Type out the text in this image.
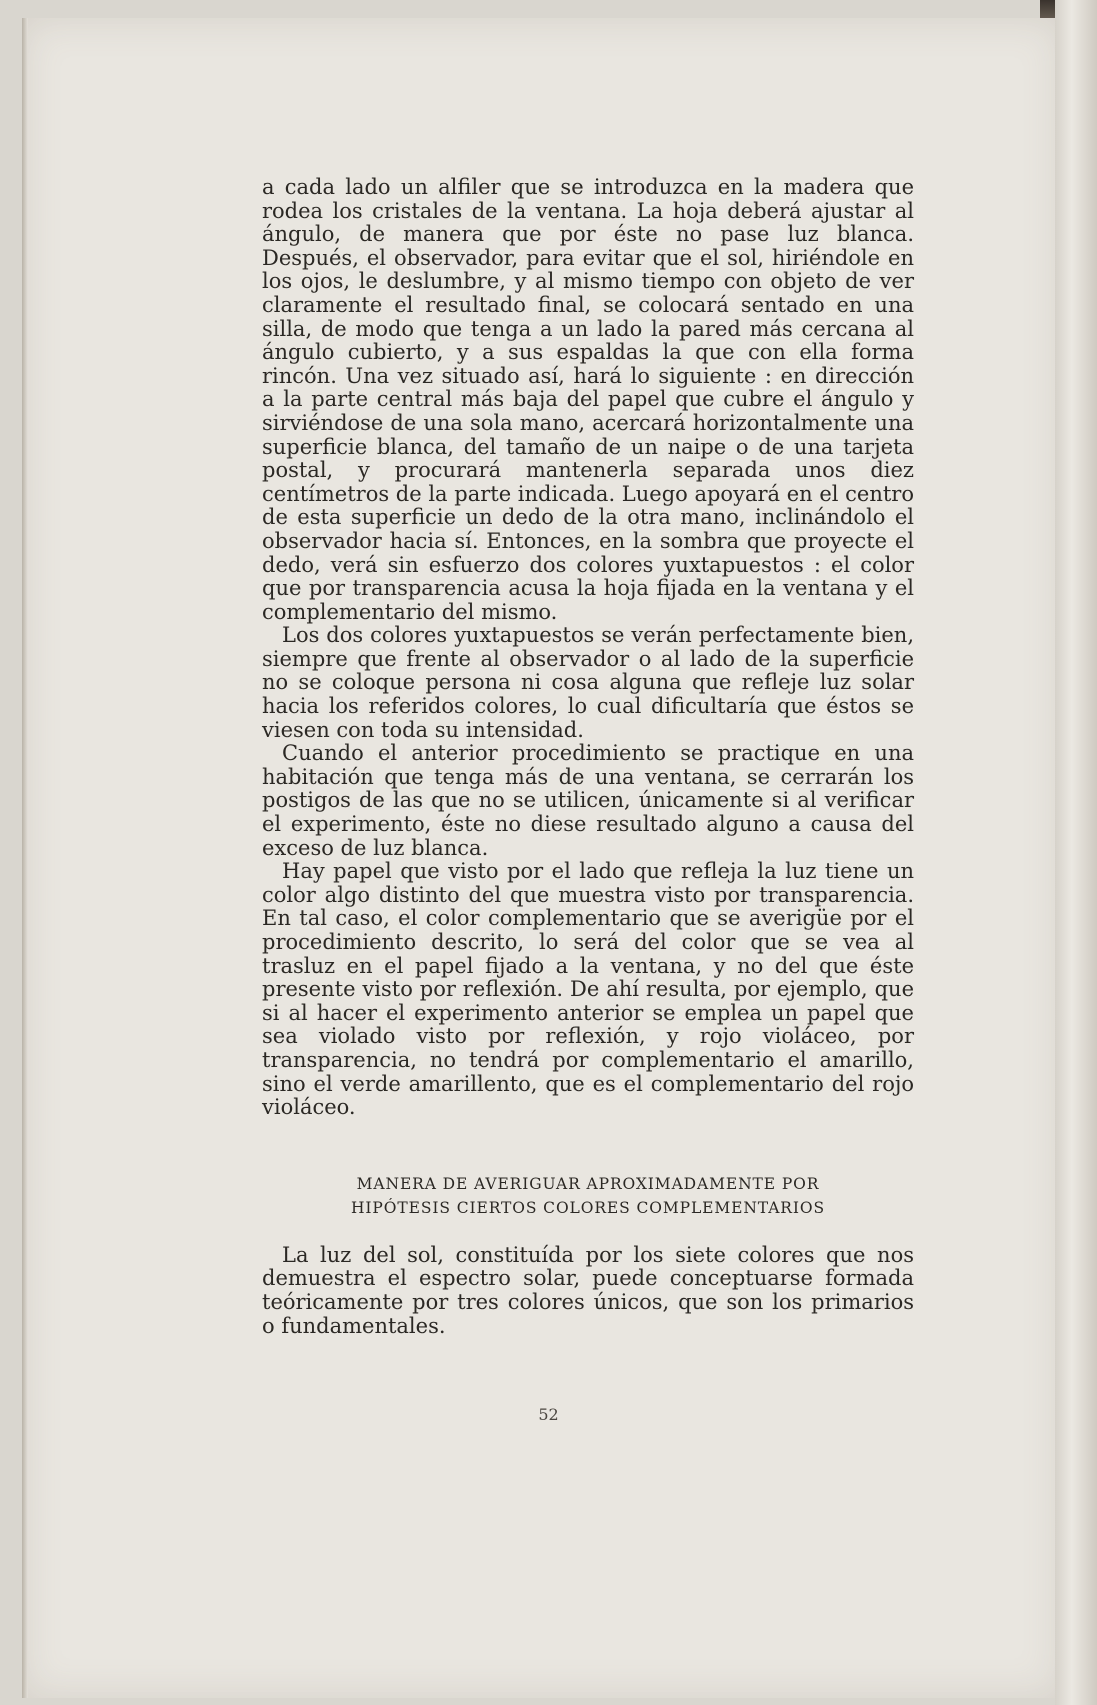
a cada lado un alfiler que se introduzca en la madera que rodea los cristales de la ventana. La hoja deberá ajustar al ángulo, de manera que por éste no pase luz blanca. Después, el observador, para evitar que el sol, hiriéndole en los ojos, le deslumbre, y al mismo tiempo con objeto de ver claramente el resultado final, se colocará sentado en una silla, de modo que tenga a un lado la pared más cercana al ángulo cubierto, y a sus espaldas la que con ella forma rincón. Una vez situado así, hará lo siguiente : en dirección a la parte central más baja del papel que cubre el ángulo y sirviéndose de una sola mano, acercará horizontalmente una superficie blanca, del tamaño de un naipe o de una tarjeta postal, y procurará mantenerla separada unos diez centímetros de la parte indicada. Luego apoyará en el centro de esta superficie un dedo de la otra mano, inclinándolo el observador hacia sí. Entonces, en la sombra que proyecte el dedo, verá sin esfuerzo dos colores yuxtapuestos : el color que por transparencia acusa la hoja fijada en la ventana y el complementario del mismo.

Los dos colores yuxtapuestos se verán perfectamente bien, siempre que frente al observador o al lado de la superficie no se coloque persona ni cosa alguna que refleje luz solar hacia los referidos colores, lo cual dificultaría que éstos se viesen con toda su intensidad.

Cuando el anterior procedimiento se practique en una habitación que tenga más de una ventana, se cerrarán los postigos de las que no se utilicen, únicamente si al verificar el experimento, éste no diese resultado alguno a causa del exceso de luz blanca.

Hay papel que visto por el lado que refleja la luz tiene un color algo distinto del que muestra visto por transparencia. En tal caso, el color complementario que se averigüe por el procedimiento descrito, lo será del color que se vea al trasluz en el papel fijado a la ventana, y no del que éste presente visto por reflexión. De ahí resulta, por ejemplo, que si al hacer el experimento anterior se emplea un papel que sea violado visto por reflexión, y rojo violáceo, por transparencia, no tendrá por complementario el amarillo, sino el verde amarillento, que es el complementario del rojo violáceo.

MANERA DE AVERIGUAR APROXIMADAMENTE POR
HIPÓTESIS CIERTOS COLORES COMPLEMENTARIOS

La luz del sol, constituída por los siete colores que nos demuestra el espectro solar, puede conceptuarse formada teóricamente por tres colores únicos, que son los primarios o fundamentales.

52
